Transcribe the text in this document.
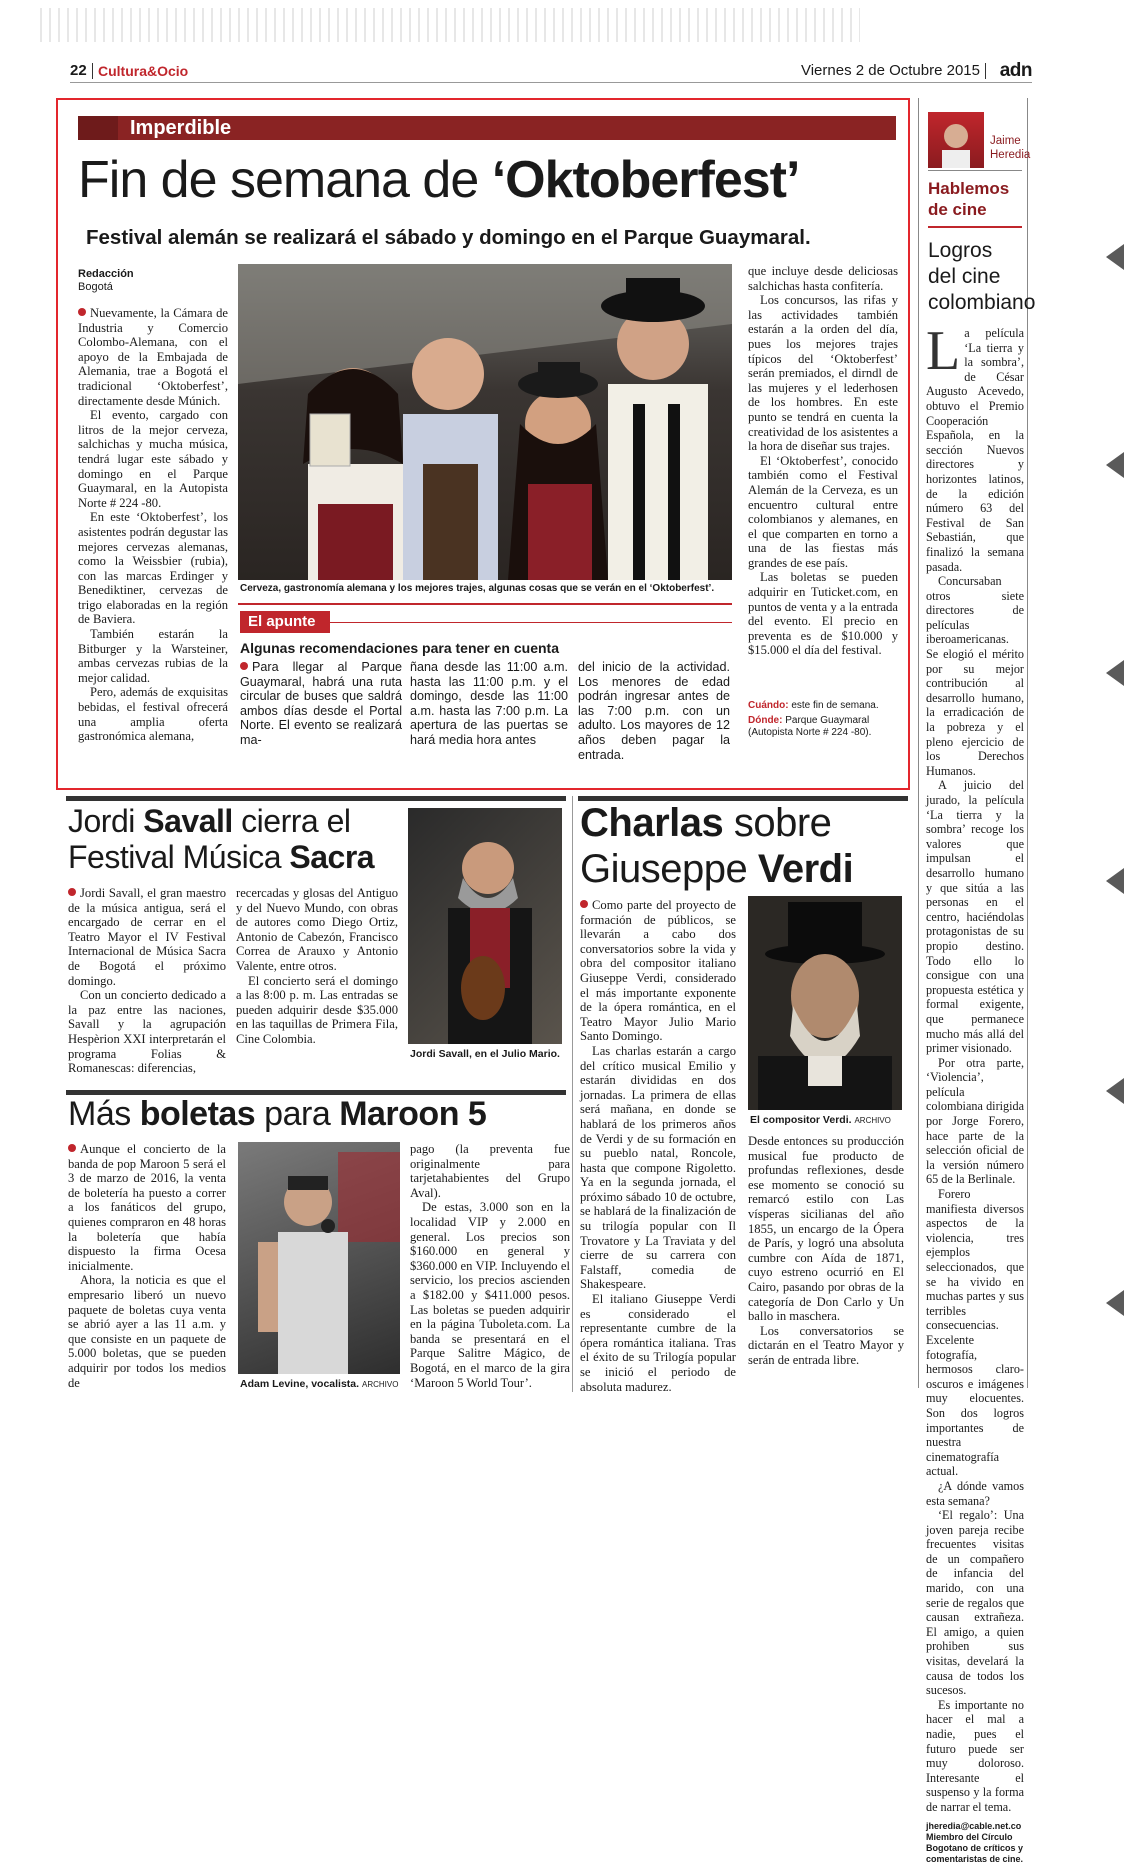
22 Cultura&Ocio	Viernes 2 de Octubre 2015 adn
Imperdible
Fin de semana de ‘Oktoberfest’
Festival alemán se realizará el sábado y domingo en el Parque Guaymaral.
Redacción
Bogotá

Nuevamente, la Cámara de Industria y Comercio Colombo-Alemana, con el apoyo de la Embajada de Alemania, trae a Bogotá el tradicional ‘Oktoberfest’, directamente desde Múnich.

El evento, cargado con litros de la mejor cerveza, salchichas y mucha música, tendrá lugar este sábado y domingo en el Parque Guaymaral, en la Autopista Norte # 224 -80.

En este ‘Oktoberfest’, los asistentes podrán degustar las mejores cervezas alemanas, como la Weissbier (rubia), con las marcas Erdinger y Benediktiner, cervezas de trigo elaboradas en la región de Baviera.

También estarán la Bitburger y la Warsteiner, ambas cervezas rubias de la mejor calidad.

Pero, además de exquisitas bebidas, el festival ofrecerá una amplia oferta gastronómica alemana,

Cerveza, gastronomía alemana y los mejores trajes, algunas cosas que se verán en el ‘Oktoberfest’.
El apunte
Algunas recomendaciones para tener en cuenta
Para llegar al Parque Guaymaral, habrá una ruta circular de buses que saldrá ambos días desde el Portal Norte. El evento se realizará ma-
ñana desde las 11:00 a.m. hasta las 11:00 p.m. y el domingo, desde las 11:00 a.m. hasta las 7:00 p.m. La apertura de las puertas se hará media hora antes
del inicio de la actividad. Los menores de edad podrán ingresar antes de las 7:00 p.m. con un adulto. Los mayores de 12 años deben pagar la entrada.

que incluye desde deliciosas salchichas hasta confitería.

Los concursos, las rifas y las actividades también estarán a la orden del día, pues los mejores trajes típicos del ‘Oktoberfest’ serán premiados, el dirndl de las mujeres y el lederhosen de los hombres. En este punto se tendrá en cuenta la creatividad de los asistentes a la hora de diseñar sus trajes.

El ‘Oktoberfest’, conocido también como el Festival Alemán de la Cerveza, es un encuentro cultural entre colombianos y alemanes, en el que comparten en torno a una de las fiestas más grandes de ese país.

Las boletas se pueden adquirir en Tuticket.com, en puntos de venta y a la entrada del evento. El precio en preventa es de $10.000 y $15.000 el día del festival.

Cuándo: este fin de semana.
Dónde: Parque Guaymaral (Autopista Norte # 224 -80).
Jaime Heredia
Hablemos de cine
Logros del cine colombiano

La película ‘La tierra y la sombra’, de César Augusto Acevedo, obtuvo el Premio Cooperación Española, en la sección Nuevos directores y horizontes latinos, de la edición número 63 del Festival de San Sebastián, que finalizó la semana pasada.

Concursaban otros siete directores de películas iberoamericanas. Se elogió el mérito por su mejor contribución al desarrollo humano, la erradicación de la pobreza y el pleno ejercicio de los Derechos Humanos.

A juicio del jurado, la película ‘La tierra y la sombra’ recoge los valores que impulsan el desarrollo humano y que sitúa a las personas en el centro, haciéndolas protagonistas de su propio destino. Todo ello lo consigue con una propuesta estética y formal exigente, que permanece mucho más allá del primer visionado.

Por otra parte, ‘Violencia’, película colombiana dirigida por Jorge Forero, hace parte de la selección oficial de la versión número 65 de la Berlinale.

Forero manifiesta diversos aspectos de la violencia, tres ejemplos seleccionados, que se ha vivido en muchas partes y sus terribles consecuencias. Excelente fotografía, hermosos claro-oscuros e imágenes muy elocuentes. Son dos logros importantes de nuestra cinematografía actual.

¿A dónde vamos esta semana?

‘El regalo’: Una joven pareja recibe frecuentes visitas de un compañero de infancia del marido, con una serie de regalos que causan extrañeza. El amigo, a quien prohiben sus visitas, develará la causa de todos los sucesos.

Es importante no hacer el mal a nadie, pues el futuro puede ser muy doloroso. Interesante el suspenso y la forma de narrar el tema.

jheredia@cable.net.co
Miembro del Círculo Bogotano de críticos y comentaristas de cine.
Jordi Savall cierra el
Festival Música Sacra

Jordi Savall, el gran maestro de la música antigua, será el encargado de cerrar en el Teatro Mayor el IV Festival Internacional de Música Sacra de Bogotá el próximo domingo.

Con un concierto dedicado a la paz entre las naciones, Savall y la agrupación Hespèrion XXI interpretarán el programa Folias & Romanescas: diferencias,

recercadas y glosas del Antiguo y del Nuevo Mundo, con obras de autores como Diego Ortiz, Antonio de Cabezón, Francisco Correa de Arauxo y Antonio Valente, entre otros.

El concierto será el domingo a las 8:00 p. m. Las entradas se pueden adquirir desde $35.000 en las taquillas de Primera Fila, Cine Colombia.

Jordi Savall, en el Julio Mario.
Charlas sobre
Giuseppe Verdi

Como parte del proyecto de formación de públicos, se llevarán a cabo dos conversatorios sobre la vida y obra del compositor italiano Giuseppe Verdi, considerado el más importante exponente de la ópera romántica, en el Teatro Mayor Julio Mario Santo Domingo.

Las charlas estarán a cargo del crítico musical Emilio y estarán divididas en dos jornadas. La primera de ellas será mañana, en donde se hablará de los primeros años de Verdi y de su formación en su pueblo natal, Roncole, hasta que compone Rigoletto. Ya en la segunda jornada, el próximo sábado 10 de octubre, se hablará de la finalización de su trilogía popular con Il Trovatore y La Traviata y del cierre de su carrera con Falstaff, comedia de Shakespeare.

El italiano Giuseppe Verdi es considerado el representante cumbre de la ópera romántica italiana. Tras el éxito de su Trilogía popular se inició el periodo de absoluta madurez.

El compositor Verdi. ARCHIVO

Desde entonces su producción musical fue producto de profundas reflexiones, desde ese momento se conoció su remarcó estilo con Las vísperas sicilianas del año 1855, un encargo de la Ópera de París, y logró una absoluta cumbre con Aída de 1871, cuyo estreno ocurrió en El Cairo, pasando por obras de la categoría de Don Carlo y Un ballo in maschera.

Los conversatorios se dictarán en el Teatro Mayor y serán de entrada libre.

Más boletas para Maroon 5

Aunque el concierto de la banda de pop Maroon 5 será el 3 de marzo de 2016, la venta de boletería ha puesto a correr a los fanáticos del grupo, quienes compraron en 48 horas la boletería que había dispuesto la firma Ocesa inicialmente.

Ahora, la noticia es que el empresario liberó un nuevo paquete de boletas cuya venta se abrió ayer a las 11 a.m. y que consiste en un paquete de 5.000 boletas, que se pueden adquirir por todos los medios de	Adam Levine, vocalista. ARCHIVO

pago (la preventa fue originalmente para tarjetahabientes del Grupo Aval).

De estas, 3.000 son en la localidad VIP y 2.000 en general. Los precios son $160.000 en general y $360.000 en VIP. Incluyendo el servicio, los precios ascienden a $182.00 y $411.000 pesos. Las boletas se pueden adquirir en la página Tuboleta.com. La banda se presentará en el Parque Salitre Mágico, de Bogotá, en el marco de la gira ‘Maroon 5 World Tour’.
